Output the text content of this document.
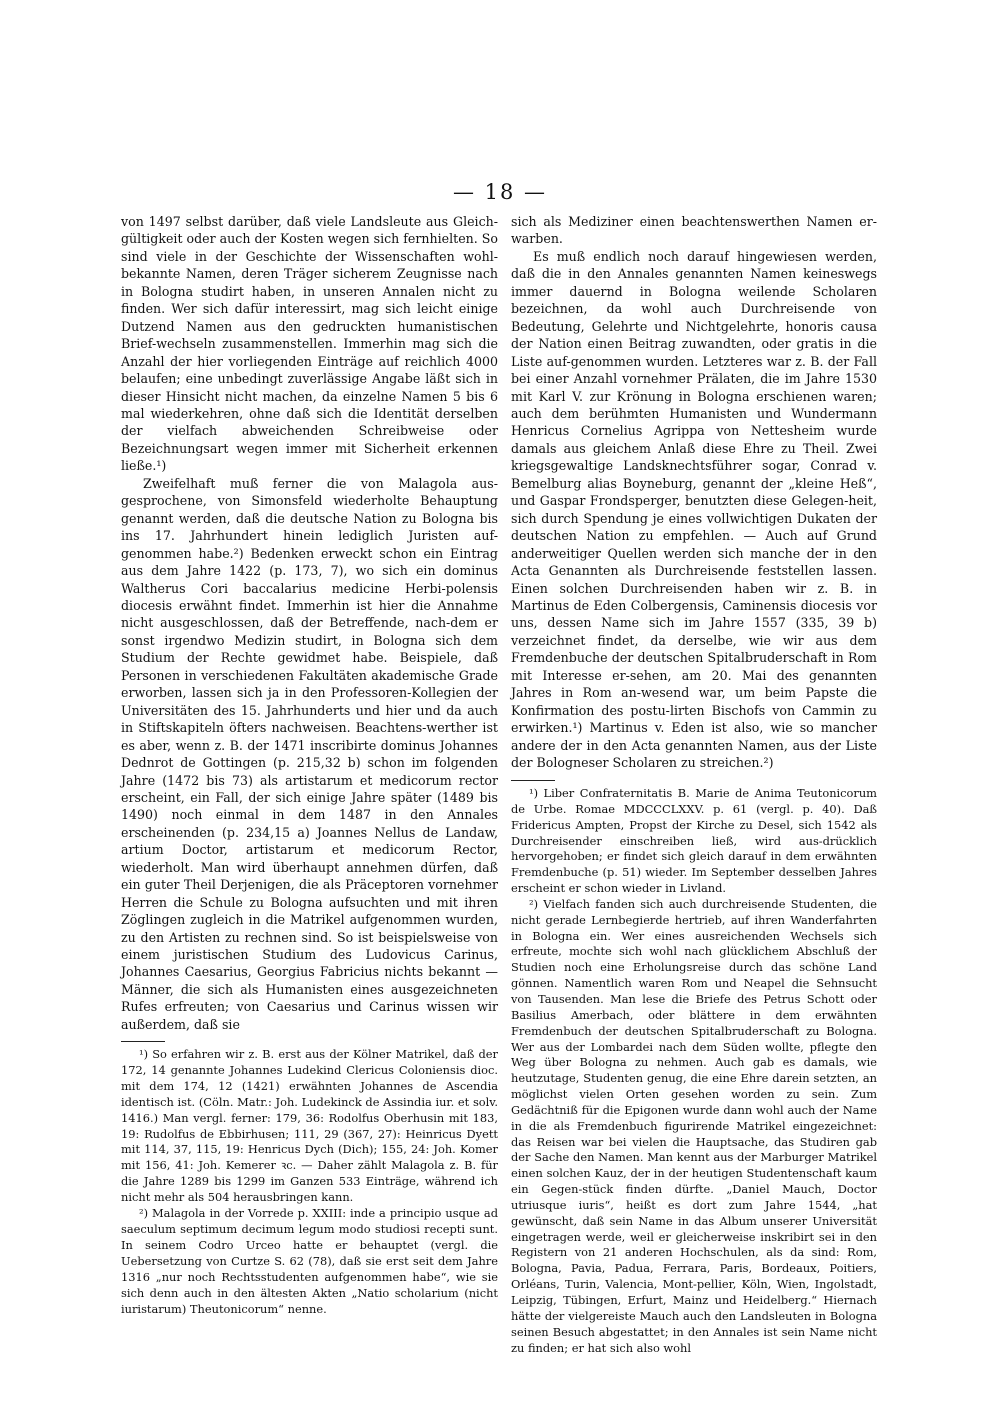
— 18 —

von 1497 selbst darüber, daß viele Landsleute aus Gleich-gültigkeit oder auch der Kosten wegen sich fernhielten. So sind viele in der Geschichte der Wissenschaften wohl-bekannte Namen, deren Träger sicherem Zeugnisse nach in Bologna studirt haben, in unseren Annalen nicht zu finden. Wer sich dafür interessirt, mag sich leicht einige Dutzend Namen aus den gedruckten humanistischen Brief-wechseln zusammenstellen. Immerhin mag sich die Anzahl der hier vorliegenden Einträge auf reichlich 4000 belaufen; eine unbedingt zuverlässige Angabe läßt sich in dieser Hinsicht nicht machen, da einzelne Namen 5 bis 6 mal wiederkehren, ohne daß sich die Identität derselben der vielfach abweichenden Schreibweise oder Bezeichnungsart wegen immer mit Sicherheit erkennen ließe.¹)

Zweifelhaft muß ferner die von Malagola aus-gesprochene, von Simonsfeld wiederholte Behauptung genannt werden, daß die deutsche Nation zu Bologna bis ins 17. Jahrhundert hinein lediglich Juristen auf-genommen habe.²) Bedenken erweckt schon ein Eintrag aus dem Jahre 1422 (p. 173, 7), wo sich ein dominus Waltherus Cori baccalarius medicine Herbi-polensis diocesis erwähnt findet. Immerhin ist hier die Annahme nicht ausgeschlossen, daß der Betreffende, nach-dem er sonst irgendwo Medizin studirt, in Bologna sich dem Studium der Rechte gewidmet habe. Beispiele, daß Personen in verschiedenen Fakultäten akademische Grade erworben, lassen sich ja in den Professoren-Kollegien der Universitäten des 15. Jahrhunderts und hier und da auch in Stiftskapiteln öfters nachweisen. Beachtens-werther ist es aber, wenn z. B. der 1471 inscribirte dominus Johannes Dednrot de Gottingen (p. 215,32 b) schon im folgenden Jahre (1472 bis 73) als artistarum et medicorum rector erscheint, ein Fall, der sich einige Jahre später (1489 bis 1490) noch einmal in dem 1487 in den Annales erscheinenden (p. 234,15 a) Joannes Nellus de Landaw, artium Doctor, artistarum et medicorum Rector, wiederholt. Man wird überhaupt annehmen dürfen, daß ein guter Theil Derjenigen, die als Präceptoren vornehmer Herren die Schule zu Bologna aufsuchten und mit ihren Zöglingen zugleich in die Matrikel aufgenommen wurden, zu den Artisten zu rechnen sind. So ist beispielsweise von einem juristischen Studium des Ludovicus Carinus, Johannes Caesarius, Georgius Fabricius nichts bekannt — Männer, die sich als Humanisten eines ausgezeichneten Rufes erfreuten; von Caesarius und Carinus wissen wir außerdem, daß sie

¹) So erfahren wir z. B. erst aus der Kölner Matrikel, daß der 172, 14 genannte Johannes Ludekind Clericus Coloniensis dioc. mit dem 174, 12 (1421) erwähnten Johannes de Ascendia identisch ist. (Cöln. Matr.: Joh. Ludekinck de Assindia iur. et solv. 1416.) Man vergl. ferner: 179, 36: Rodolfus Oberhusin mit 183, 19: Rudolfus de Ebbirhusen; 111, 29 (367, 27): Heinricus Dyett mit 114, 37, 115, 19: Henricus Dych (Dich); 155, 24: Joh. Komer mit 156, 41: Joh. Kemerer ꝛc. — Daher zählt Malagola z. B. für die Jahre 1289 bis 1299 im Ganzen 533 Einträge, während ich nicht mehr als 504 herausbringen kann.

²) Malagola in der Vorrede p. XXIII: inde a principio usque ad saeculum septimum decimum legum modo studiosi recepti sunt. In seinem Codro Urceo hatte er behauptet (vergl. die Uebersetzung von Curtze S. 62 (78), daß sie erst seit dem Jahre 1316 „nur noch Rechtsstudenten aufgenommen habe“, wie sie sich denn auch in den ältesten Akten „Natio scholarium (nicht iuristarum) Theutonicorum“ nenne.

sich als Mediziner einen beachtenswerthen Namen er-warben.

Es muß endlich noch darauf hingewiesen werden, daß die in den Annales genannten Namen keineswegs immer dauernd in Bologna weilende Scholaren bezeichnen, da wohl auch Durchreisende von Bedeutung, Gelehrte und Nichtgelehrte, honoris causa der Nation einen Beitrag zuwandten, oder gratis in die Liste auf-genommen wurden. Letzteres war z. B. der Fall bei einer Anzahl vornehmer Prälaten, die im Jahre 1530 mit Karl V. zur Krönung in Bologna erschienen waren; auch dem berühmten Humanisten und Wundermann Henricus Cornelius Agrippa von Nettesheim wurde damals aus gleichem Anlaß diese Ehre zu Theil. Zwei kriegsgewaltige Landsknechtsführer sogar, Conrad v. Bemelburg alias Boyneburg, genannt der „kleine Heß“, und Gaspar Frondsperger, benutzten diese Gelegen-heit, sich durch Spendung je eines vollwichtigen Dukaten der deutschen Nation zu empfehlen. — Auch auf Grund anderweitiger Quellen werden sich manche der in den Acta Genannten als Durchreisende feststellen lassen. Einen solchen Durchreisenden haben wir z. B. in Martinus de Eden Colbergensis, Caminensis diocesis vor uns, dessen Name sich im Jahre 1557 (335, 39 b) verzeichnet findet, da derselbe, wie wir aus dem Fremdenbuche der deutschen Spitalbruderschaft in Rom mit Interesse er-sehen, am 20. Mai des genannten Jahres in Rom an-wesend war, um beim Papste die Konfirmation des postu-lirten Bischofs von Cammin zu erwirken.¹) Martinus v. Eden ist also, wie so mancher andere der in den Acta genannten Namen, aus der Liste der Bologneser Scholaren zu streichen.²)

¹) Liber Confraternitatis B. Marie de Anima Teutonicorum de Urbe. Romae MDCCCLXXV. p. 61 (vergl. p. 40). Daß Fridericus Ampten, Propst der Kirche zu Desel, sich 1542 als Durchreisender einschreiben ließ, wird aus-drücklich hervorgehoben; er findet sich gleich darauf in dem erwähnten Fremdenbuche (p. 51) wieder. Im September desselben Jahres erscheint er schon wieder in Livland.

²) Vielfach fanden sich auch durchreisende Studenten, die nicht gerade Lernbegierde hertrieb, auf ihren Wanderfahrten in Bologna ein. Wer eines ausreichenden Wechsels sich erfreute, mochte sich wohl nach glücklichem Abschluß der Studien noch eine Erholungsreise durch das schöne Land gönnen. Namentlich waren Rom und Neapel die Sehnsucht von Tausenden. Man lese die Briefe des Petrus Schott oder Basilius Amerbach, oder blättere in dem erwähnten Fremdenbuch der deutschen Spitalbruderschaft zu Bologna. Wer aus der Lombardei nach dem Süden wollte, pflegte den Weg über Bologna zu nehmen. Auch gab es damals, wie heutzutage, Studenten genug, die eine Ehre darein setzten, an möglichst vielen Orten gesehen worden zu sein. Zum Gedächtniß für die Epigonen wurde dann wohl auch der Name in die als Fremdenbuch figurirende Matrikel eingezeichnet: das Reisen war bei vielen die Hauptsache, das Studiren gab der Sache den Namen. Man kennt aus der Marburger Matrikel einen solchen Kauz, der in der heutigen Studentenschaft kaum ein Gegen-stück finden dürfte. „Daniel Mauch, Doctor utriusque iuris“, heißt es dort zum Jahre 1544, „hat gewünscht, daß sein Name in das Album unserer Universität eingetragen werde, weil er gleicherweise inskribirt sei in den Registern von 21 anderen Hochschulen, als da sind: Rom, Bologna, Pavia, Padua, Ferrara, Paris, Bordeaux, Poitiers, Orléans, Turin, Valencia, Mont-pellier, Köln, Wien, Ingolstadt, Leipzig, Tübingen, Erfurt, Mainz und Heidelberg.“ Hiernach hätte der vielgereiste Mauch auch den Landsleuten in Bologna seinen Besuch abgestattet; in den Annales ist sein Name nicht zu finden; er hat sich also wohl
